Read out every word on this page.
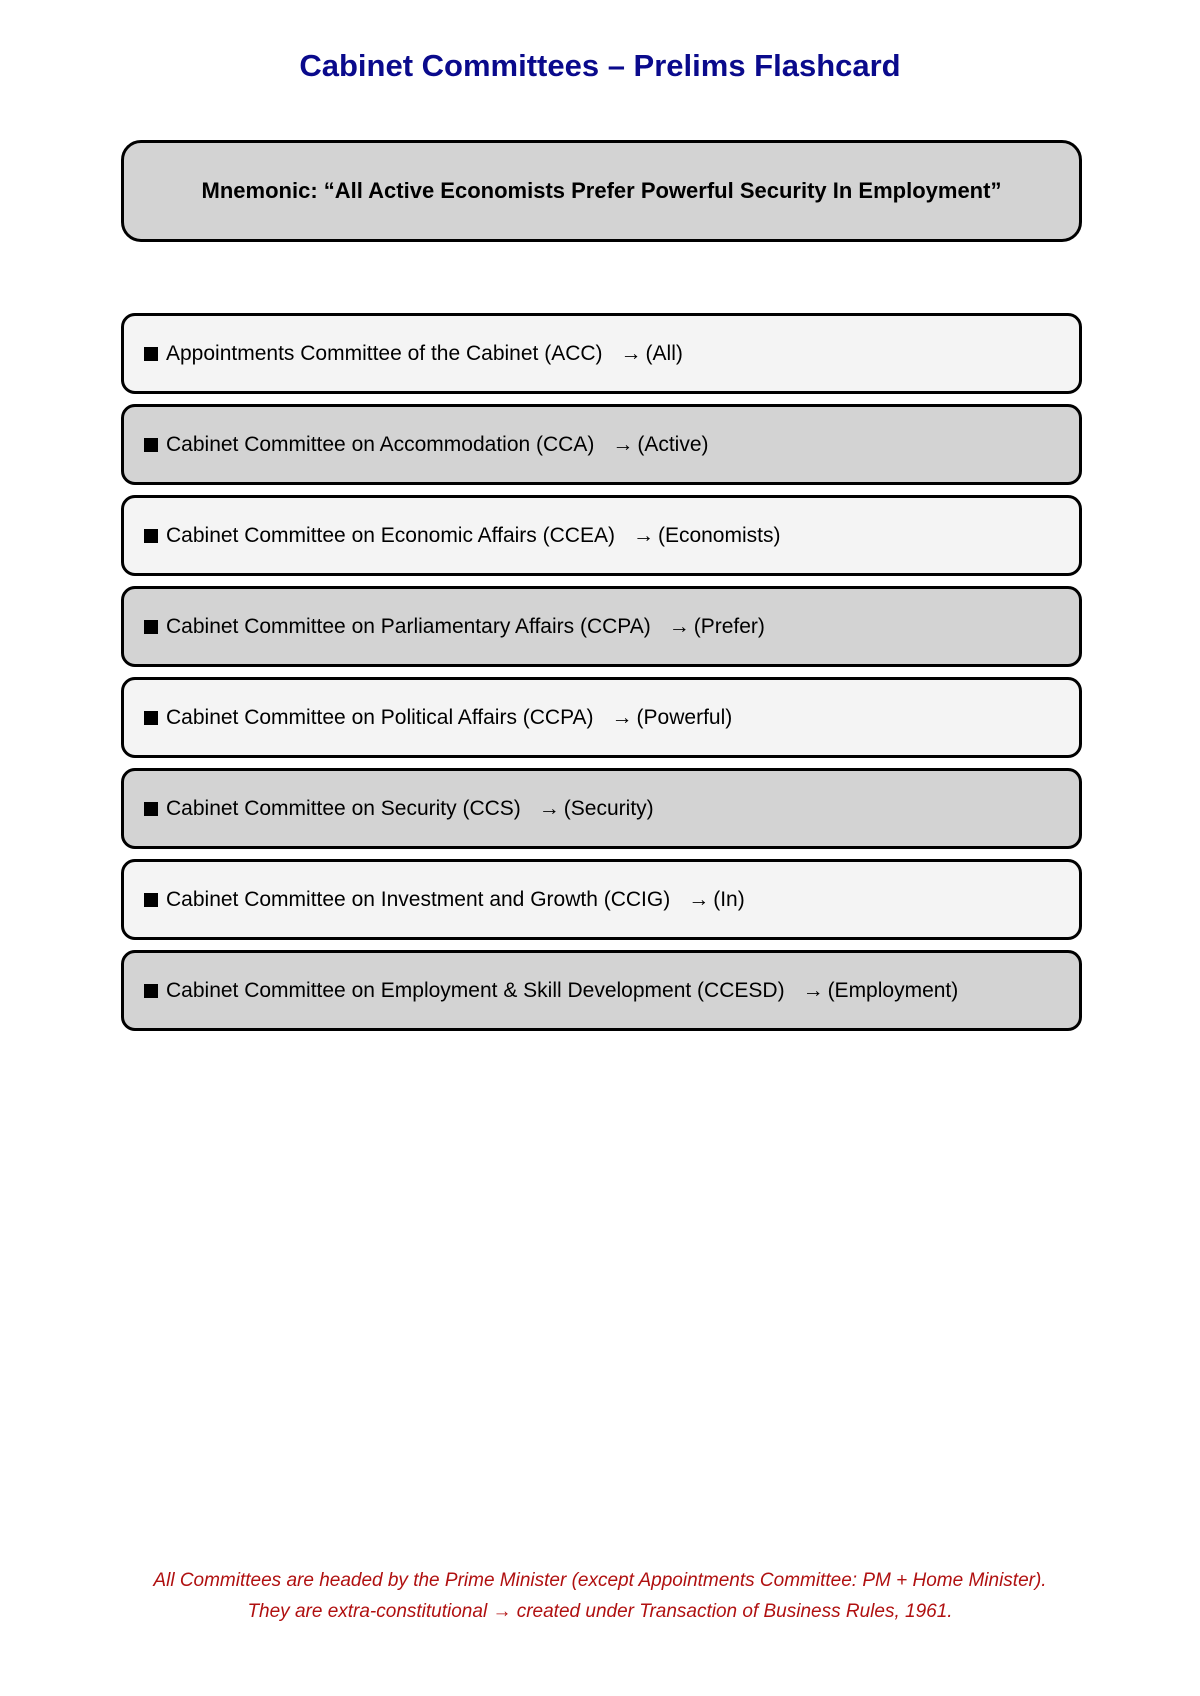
Cabinet Committees – Prelims Flashcard
Mnemonic: “All Active Economists Prefer Powerful Security In Employment”
Appointments Committee of the Cabinet (ACC) → (All)
Cabinet Committee on Accommodation (CCA) → (Active)
Cabinet Committee on Economic Affairs (CCEA) → (Economists)
Cabinet Committee on Parliamentary Affairs (CCPA) → (Prefer)
Cabinet Committee on Political Affairs (CCPA) → (Powerful)
Cabinet Committee on Security (CCS) → (Security)
Cabinet Committee on Investment and Growth (CCIG) → (In)
Cabinet Committee on Employment & Skill Development (CCESD) → (Employment)
All Committees are headed by the Prime Minister (except Appointments Committee: PM + Home Minister).
They are extra-constitutional → created under Transaction of Business Rules, 1961.
